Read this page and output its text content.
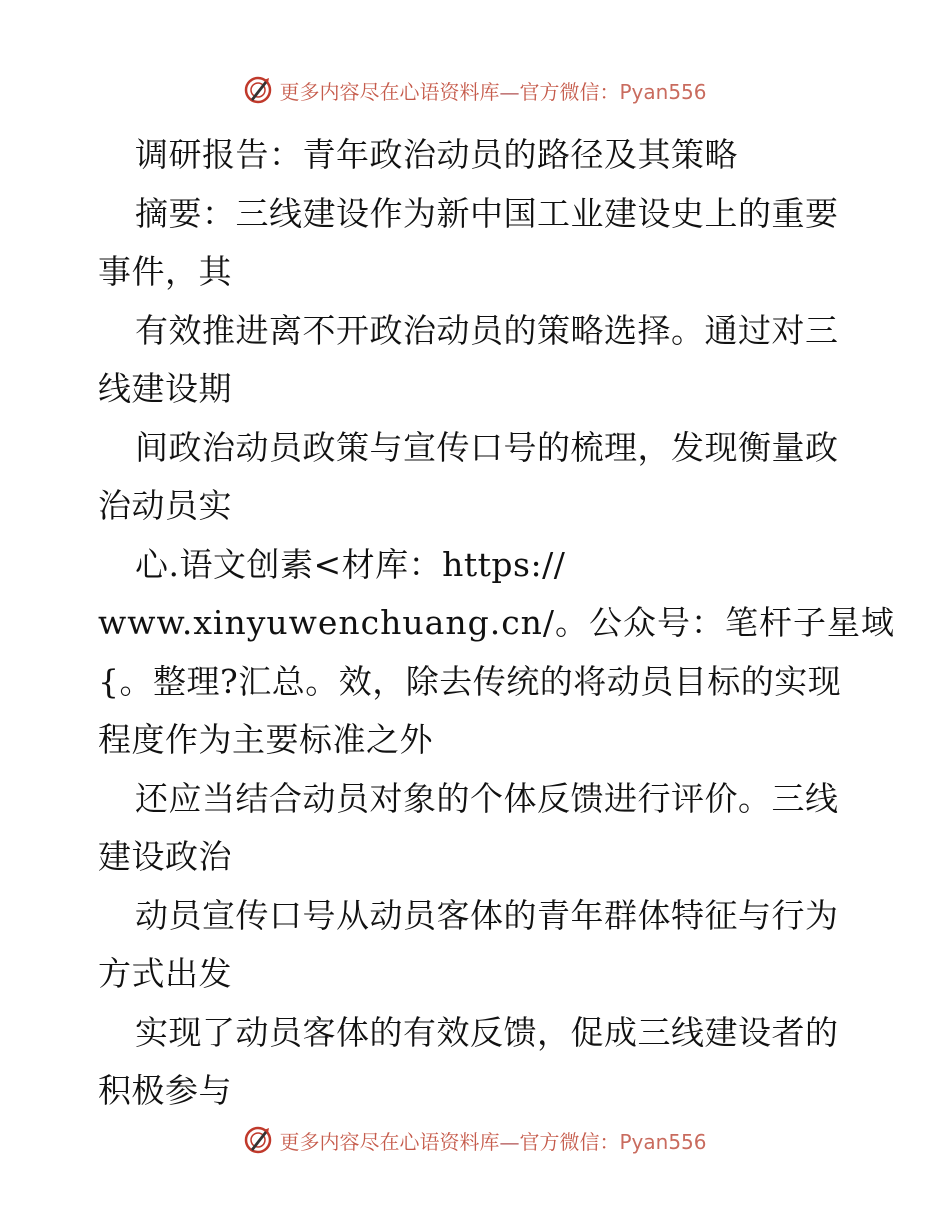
更多内容尽在心语资料库—官方微信：Pyan556
调研报告：青年政治动员的路径及其策略
摘要：三线建设作为新中国工业建设史上的重要
事件，其
有效推进离不开政治动员的策略选择。通过对三
线建设期
间政治动员政策与宣传口号的梳理，发现衡量政
治动员实
心.语文创素<材库：https://
www.xinyuwenchuang.cn/。公众号：笔杆子星域
{。整理?汇总。效，除去传统的将动员目标的实现
程度作为主要标准之外
还应当结合动员对象的个体反馈进行评价。三线
建设政治
动员宣传口号从动员客体的青年群体特征与行为
方式出发
实现了动员客体的有效反馈，促成三线建设者的
积极参与
更多内容尽在心语资料库—官方微信：Pyan556
